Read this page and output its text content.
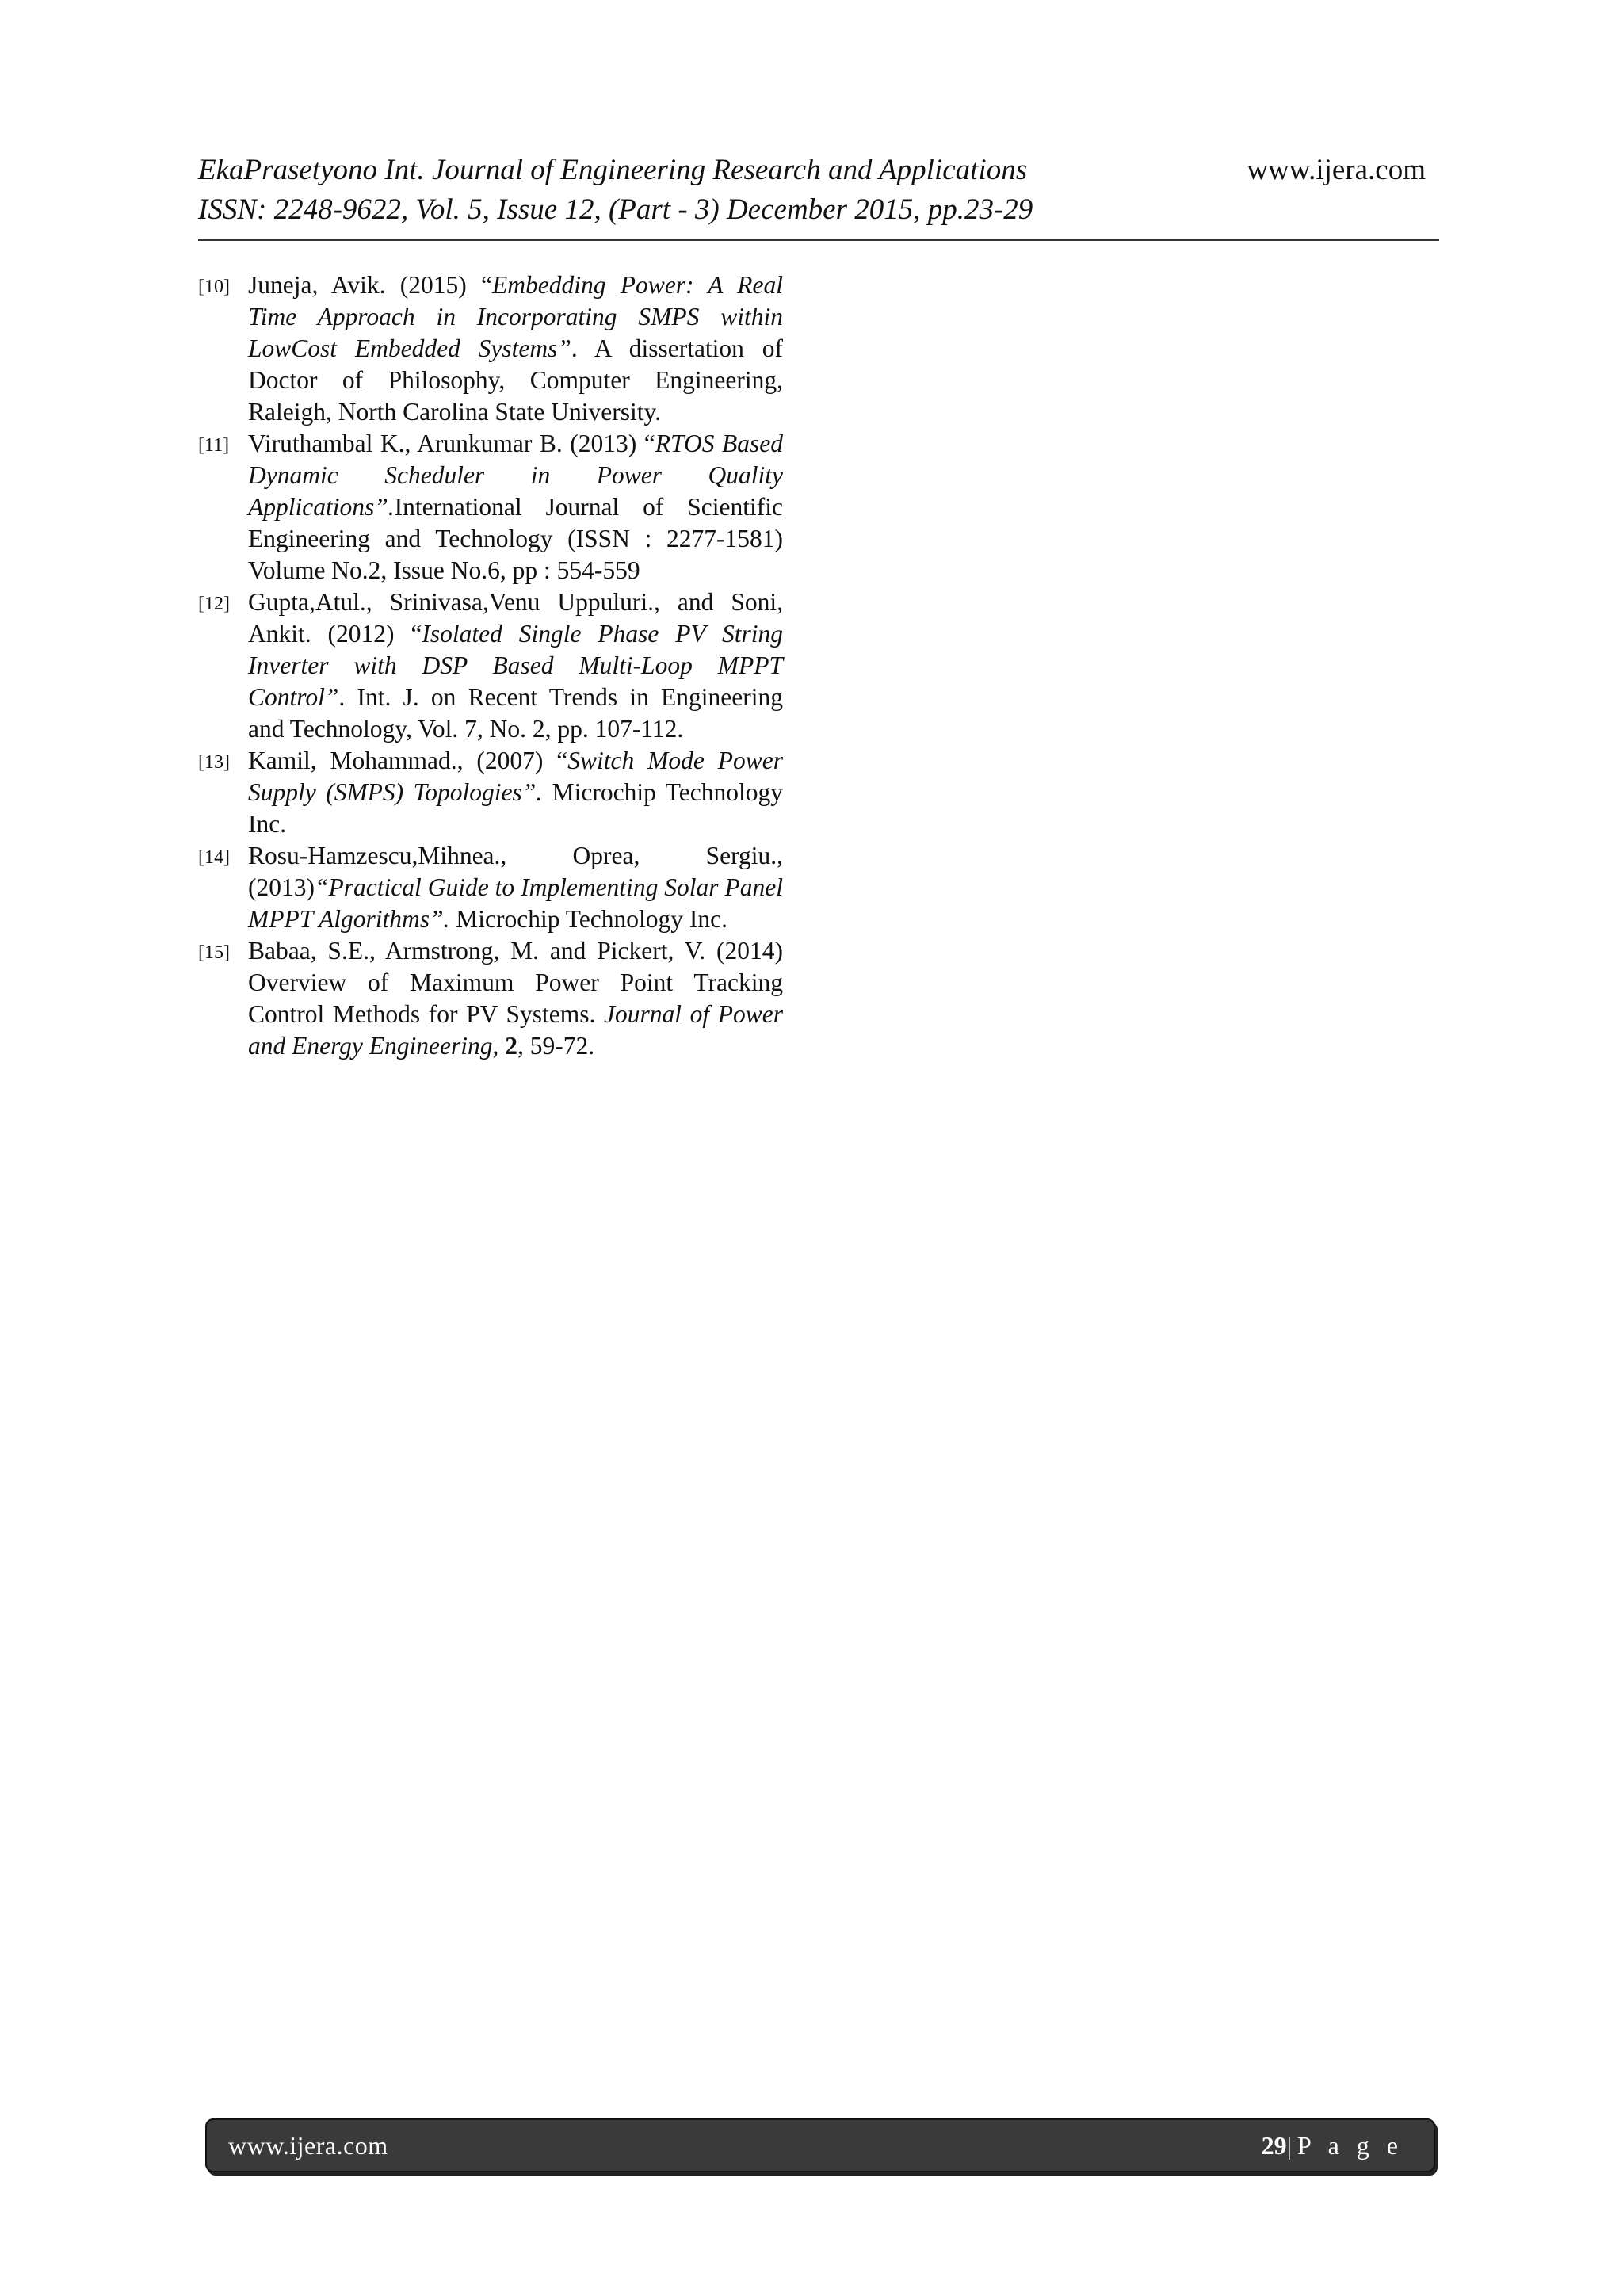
EkaPrasetyono Int. Journal of Engineering Research and Applications
ISSN: 2248-9622, Vol. 5, Issue 12, (Part - 3) December 2015, pp.23-29
www.ijera.com
[10] Juneja, Avik. (2015) “Embedding Power: A Real Time Approach in Incorporating SMPS within LowCost Embedded Systems”. A dissertation of Doctor of Philosophy, Computer Engineering, Raleigh, North Carolina State University.
[11] Viruthambal K., Arunkumar B. (2013) “RTOS Based Dynamic Scheduler in Power Quality Applications”.International Journal of Scientific Engineering and Technology (ISSN : 2277-1581) Volume No.2, Issue No.6, pp : 554-559
[12] Gupta,Atul., Srinivasa,Venu Uppuluri., and Soni, Ankit. (2012) “Isolated Single Phase PV String Inverter with DSP Based Multi-Loop MPPT Control”. Int. J. on Recent Trends in Engineering and Technology, Vol. 7, No. 2, pp. 107-112.
[13] Kamil, Mohammad., (2007) “Switch Mode Power Supply (SMPS) Topologies”. Microchip Technology Inc.
[14] Rosu-Hamzescu,Mihnea., Oprea, Sergiu., (2013)“Practical Guide to Implementing Solar Panel MPPT Algorithms”. Microchip Technology Inc.
[15] Babaa, S.E., Armstrong, M. and Pickert, V. (2014) Overview of Maximum Power Point Tracking Control Methods for PV Systems. Journal of Power and Energy Engineering, 2, 59-72.
www.ijera.com	29|P a g e
